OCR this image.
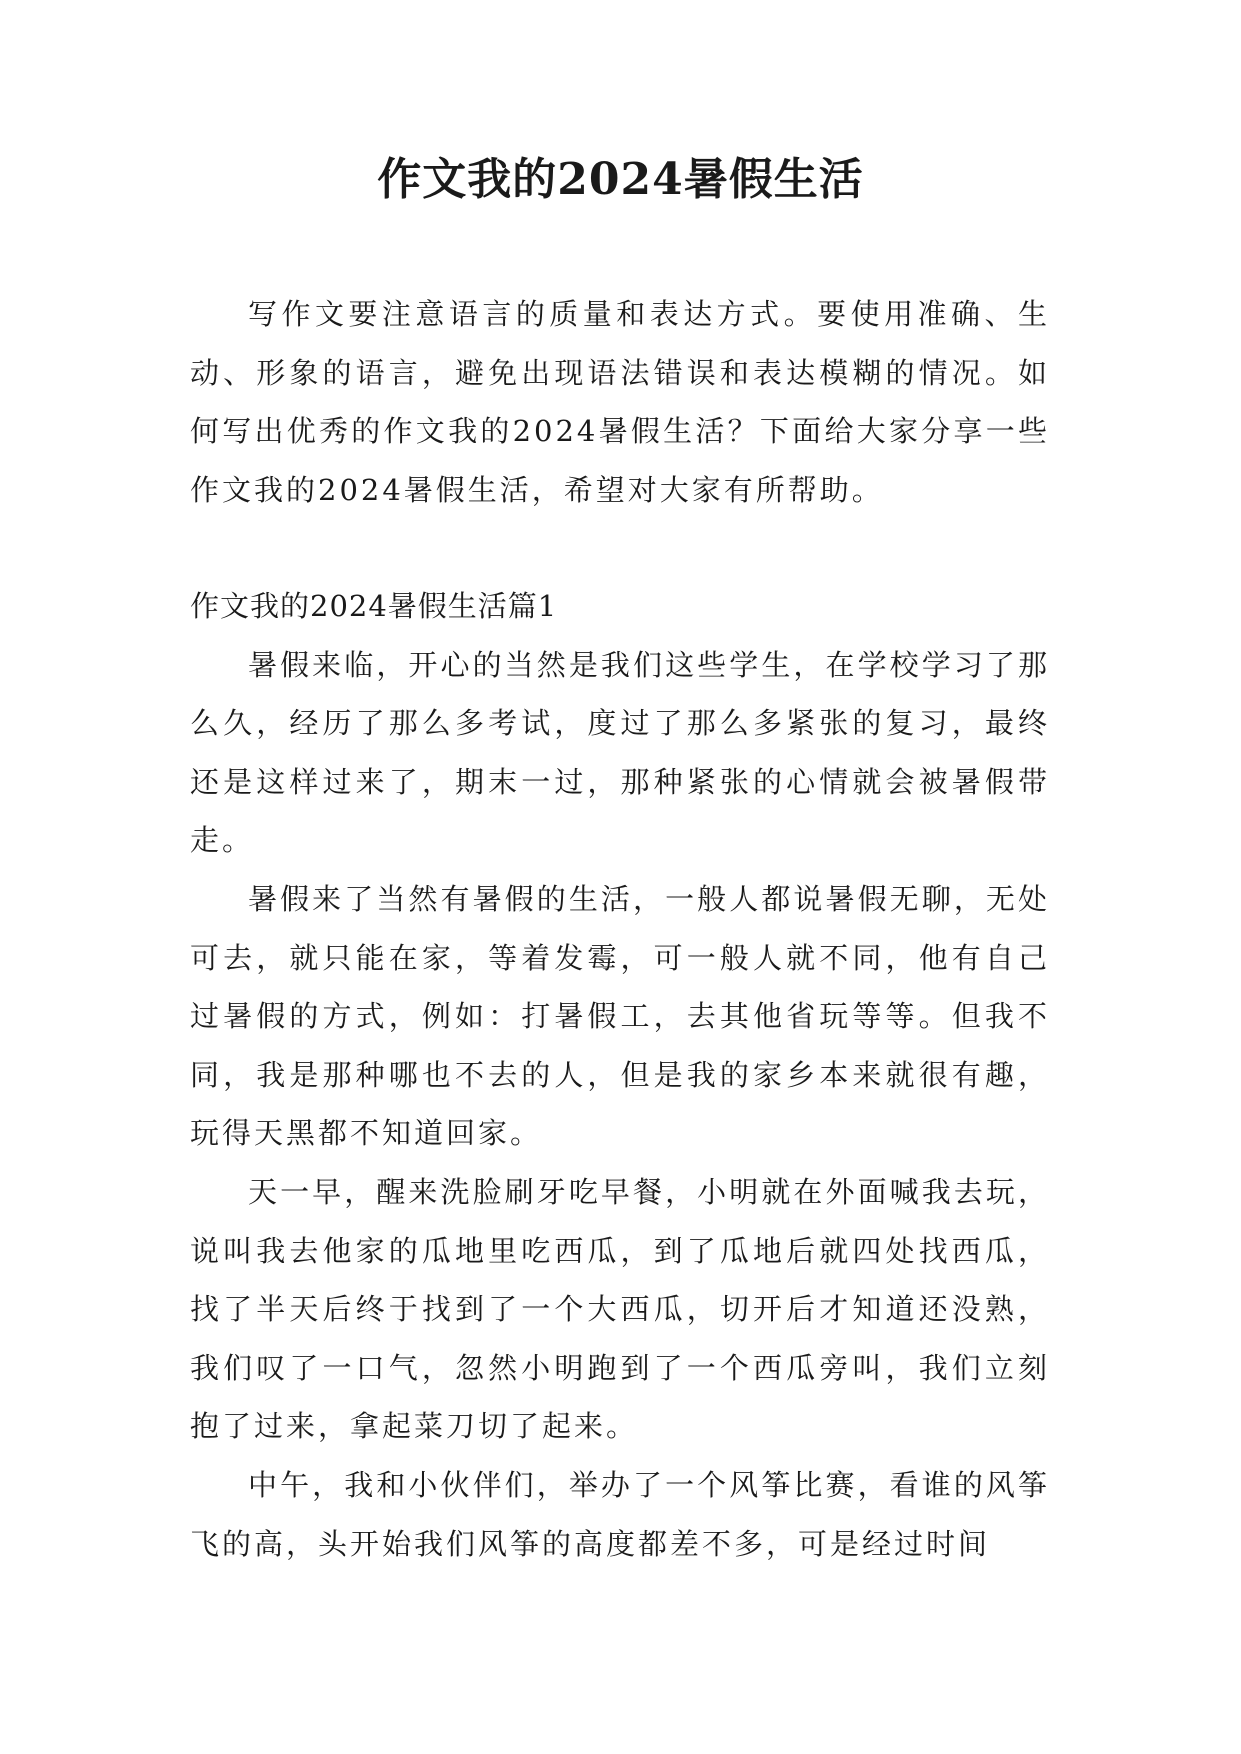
作文我的2024暑假生活

写作文要注意语言的质量和表达方式。要使用准确、生动、形象的语言，避免出现语法错误和表达模糊的情况。如何写出优秀的作文我的2024暑假生活？下面给大家分享一些作文我的2024暑假生活，希望对大家有所帮助。

作文我的2024暑假生活篇1

暑假来临，开心的当然是我们这些学生，在学校学习了那么久，经历了那么多考试，度过了那么多紧张的复习，最终还是这样过来了，期末一过，那种紧张的心情就会被暑假带走。

暑假来了当然有暑假的生活，一般人都说暑假无聊，无处可去，就只能在家，等着发霉，可一般人就不同，他有自己过暑假的方式，例如：打暑假工，去其他省玩等等。但我不同，我是那种哪也不去的人，但是我的家乡本来就很有趣，玩得天黑都不知道回家。

天一早，醒来洗脸刷牙吃早餐，小明就在外面喊我去玩，说叫我去他家的瓜地里吃西瓜，到了瓜地后就四处找西瓜，找了半天后终于找到了一个大西瓜，切开后才知道还没熟，我们叹了一口气，忽然小明跑到了一个西瓜旁叫，我们立刻抱了过来，拿起菜刀切了起来。

中午，我和小伙伴们，举办了一个风筝比赛，看谁的风筝飞的高，头开始我们风筝的高度都差不多，可是经过时间
